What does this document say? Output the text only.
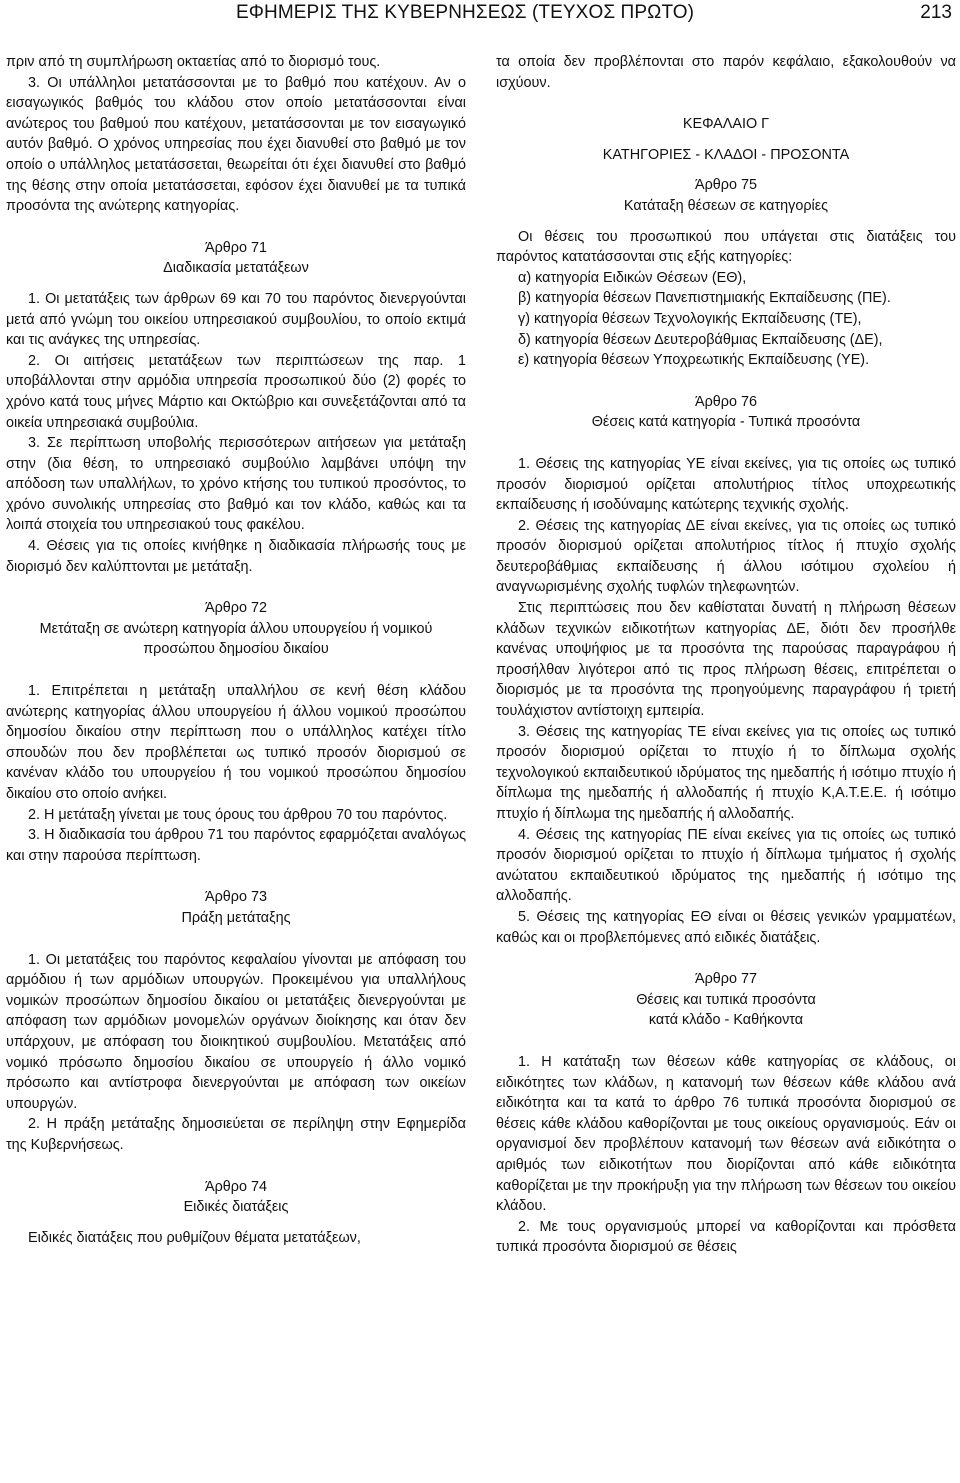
ΕΦΗΜΕΡΙΣ ΤΗΣ ΚΥΒΕΡΝΗΣΕΩΣ (ΤΕΥΧΟΣ ΠΡΩΤΟ)	213

πριν από τη συμπλήρωση οκταετίας από το διορισμό τους.

3. Οι υπάλληλοι μετατάσσονται με το βαθμό που κατέχουν. Αν ο εισαγωγικός βαθμός του κλάδου στον οποίο μετατάσσονται είναι ανώτερος του βαθμού που κατέχουν, μετατάσσονται με τον εισαγωγικό αυτόν βαθμό. Ο χρόνος υπηρεσίας που έχει διανυθεί στο βαθμό με τον οποίο ο υπάλληλος μετατάσσεται, θεωρείται ότι έχει διανυθεί στο βαθμό της θέσης στην οποία μετατάσσεται, εφόσον έχει διανυθεί με τα τυπικά προσόντα της ανώτερης κατηγορίας.

Άρθρο 71

Διαδικασία μετατάξεων

1. Οι μετατάξεις των άρθρων 69 και 70 του παρόντος διενεργούνται μετά από γνώμη του οικείου υπηρεσιακού συμβουλίου, το οποίο εκτιμά και τις ανάγκες της υπηρεσίας.

2. Οι αιτήσεις μετατάξεων των περιπτώσεων της παρ. 1 υποβάλλονται στην αρμόδια υπηρεσία προσωπικού δύο (2) φορές το χρόνο κατά τους μήνες Μάρτιο και Οκτώβριο και συνεξετάζονται από τα οικεία υπηρεσιακά συμβούλια.

3. Σε περίπτωση υποβολής περισσότερων αιτήσεων για μετάταξη στην (δια θέση, το υπηρεσιακό συμβούλιο λαμβάνει υπόψη την απόδοση των υπαλλήλων, το χρόνο κτήσης του τυπικού προσόντος, το χρόνο συνολικής υπηρεσίας στο βαθμό και τον κλάδο, καθώς και τα λοιπά στοιχεία του υπηρεσιακού τους φακέλου.

4. Θέσεις για τις οποίες κινήθηκε η διαδικασία πλήρωσής τους με διορισμό δεν καλύπτονται με μετάταξη.

Άρθρο 72

Μετάταξη σε ανώτερη κατηγορία άλλου υπουργείου ή νομικού προσώπου δημοσίου δικαίου

1. Επιτρέπεται η μετάταξη υπαλλήλου σε κενή θέση κλάδου ανώτερης κατηγορίας άλλου υπουργείου ή άλλου νομικού προσώπου δημοσίου δικαίου στην περίπτωση που ο υπάλληλος κατέχει τίτλο σπουδών που δεν προβλέπεται ως τυπικό προσόν διορισμού σε κανέναν κλάδο του υπουργείου ή του νομικού προσώπου δημοσίου δικαίου στο οποίο ανήκει.

2. Η μετάταξη γίνεται με τους όρους του άρθρου 70 του παρόντος.

3. Η διαδικασία του άρθρου 71 του παρόντος εφαρμόζεται αναλόγως και στην παρούσα περίπτωση.

Άρθρο 73

Πράξη μετάταξης

1. Οι μετατάξεις του παρόντος κεφαλαίου γίνονται με απόφαση του αρμόδιου ή των αρμόδιων υπουργών. Προκειμένου για υπαλλήλους νομικών προσώπων δημοσίου δικαίου οι μετατάξεις διενεργούνται με απόφαση των αρμόδιων μονομελών οργάνων διοίκησης και όταν δεν υπάρχουν, με απόφαση του διοικητικού συμβουλίου. Μετατάξεις από νομικό πρόσωπο δημοσίου δικαίου σε υπουργείο ή άλλο νομικό πρόσωπο και αντίστροφα διενεργούνται με απόφαση των οικείων υπουργών.

2. Η πράξη μετάταξης δημοσιεύεται σε περίληψη στην Εφημερίδα της Κυβερνήσεως.

Άρθρο 74

Ειδικές διατάξεις

Ειδικές διατάξεις που ρυθμίζουν θέματα μετατάξεων,

τα οποία δεν προβλέπονται στο παρόν κεφάλαιο, εξακολουθούν να ισχύουν.

ΚΕΦΑΛΑΙΟ Γ

ΚΑΤΗΓΟΡΙΕΣ - ΚΛΑΔΟΙ - ΠΡΟΣΟΝΤΑ

Άρθρο 75

Κατάταξη θέσεων σε κατηγορίες

Οι θέσεις του προσωπικού που υπάγεται στις διατάξεις του παρόντος κατατάσσονται στις εξής κατηγορίες:

α) κατηγορία Ειδικών Θέσεων (ΕΘ),

β) κατηγορία θέσεων Πανεπιστημιακής Εκπαίδευσης (ΠΕ).

γ) κατηγορία θέσεων Τεχνολογικής Εκπαίδευσης (ΤΕ),

δ) κατηγορία θέσεων Δευτεροβάθμιας Εκπαίδευσης (ΔΕ),

ε) κατηγορία θέσεων Υποχρεωτικής Εκπαίδευσης (ΥΕ).

Άρθρο 76

Θέσεις κατά κατηγορία - Τυπικά προσόντα

1. Θέσεις της κατηγορίας ΥΕ είναι εκείνες, για τις οποίες ως τυπικό προσόν διορισμού ορίζεται απολυτήριος τίτλος υποχρεωτικής εκπαίδευσης ή ισοδύναμης κατώτερης τεχνικής σχολής.

2. Θέσεις της κατηγορίας ΔΕ είναι εκείνες, για τις οποίες ως τυπικό προσόν διορισμού ορίζεται απολυτήριος τίτλος ή πτυχίο σχολής δευτεροβάθμιας εκπαίδευσης ή άλλου ισότιμου σχολείου ή αναγνωρισμένης σχολής τυφλών τηλεφωνητών.

Στις περιπτώσεις που δεν καθίσταται δυνατή η πλήρωση θέσεων κλάδων τεχνικών ειδικοτήτων κατηγορίας ΔΕ, διότι δεν προσήλθε κανένας υποψήφιος με τα προσόντα της παρούσας παραγράφου ή προσήλθαν λιγότεροι από τις προς πλήρωση θέσεις, επιτρέπεται ο διορισμός με τα προσόντα της προηγούμενης παραγράφου ή τριετή τουλάχιστον αντίστοιχη εμπειρία.

3. Θέσεις της κατηγορίας ΤΕ είναι εκείνες για τις οποίες ως τυπικό προσόν διορισμού ορίζεται το πτυχίο ή το δίπλωμα σχολής τεχνολογικού εκπαιδευτικού ιδρύματος της ημεδαπής ή ισότιμο πτυχίο ή δίπλωμα της ημεδαπής ή αλλοδαπής ή πτυχίο Κ,Α.Τ.Ε.Ε. ή ισότιμο πτυχίο ή δίπλωμα της ημεδαπής ή αλλοδαπής.

4. Θέσεις της κατηγορίας ΠΕ είναι εκείνες για τις οποίες ως τυπικό προσόν διορισμού ορίζεται το πτυχίο ή δίπλωμα τμήματος ή σχολής ανώτατου εκπαιδευτικού ιδρύματος της ημεδαπής ή ισότιμο της αλλοδαπής.

5. Θέσεις της κατηγορίας ΕΘ είναι οι θέσεις γενικών γραμματέων, καθώς και οι προβλεπόμενες από ειδικές διατάξεις.

Άρθρο 77

Θέσεις και τυπικά προσόντα

κατά κλάδο - Καθήκοντα

1. Η κατάταξη των θέσεων κάθε κατηγορίας σε κλάδους, οι ειδικότητες των κλάδων, η κατανομή των θέσεων κάθε κλάδου ανά ειδικότητα και τα κατά το άρθρο 76 τυπικά προσόντα διορισμού σε θέσεις κάθε κλάδου καθορίζονται με τους οικείους οργανισμούς. Εάν οι οργανισμοί δεν προβλέπουν κατανομή των θέσεων ανά ειδικότητα ο αριθμός των ειδικοτήτων που διορίζονται από κάθε ειδικότητα καθορίζεται με την προκήρυξη για την πλήρωση των θέσεων του οικείου κλάδου.

2. Με τους οργανισμούς μπορεί να καθορίζονται και πρόσθετα τυπικά προσόντα διορισμού σε θέσεις
